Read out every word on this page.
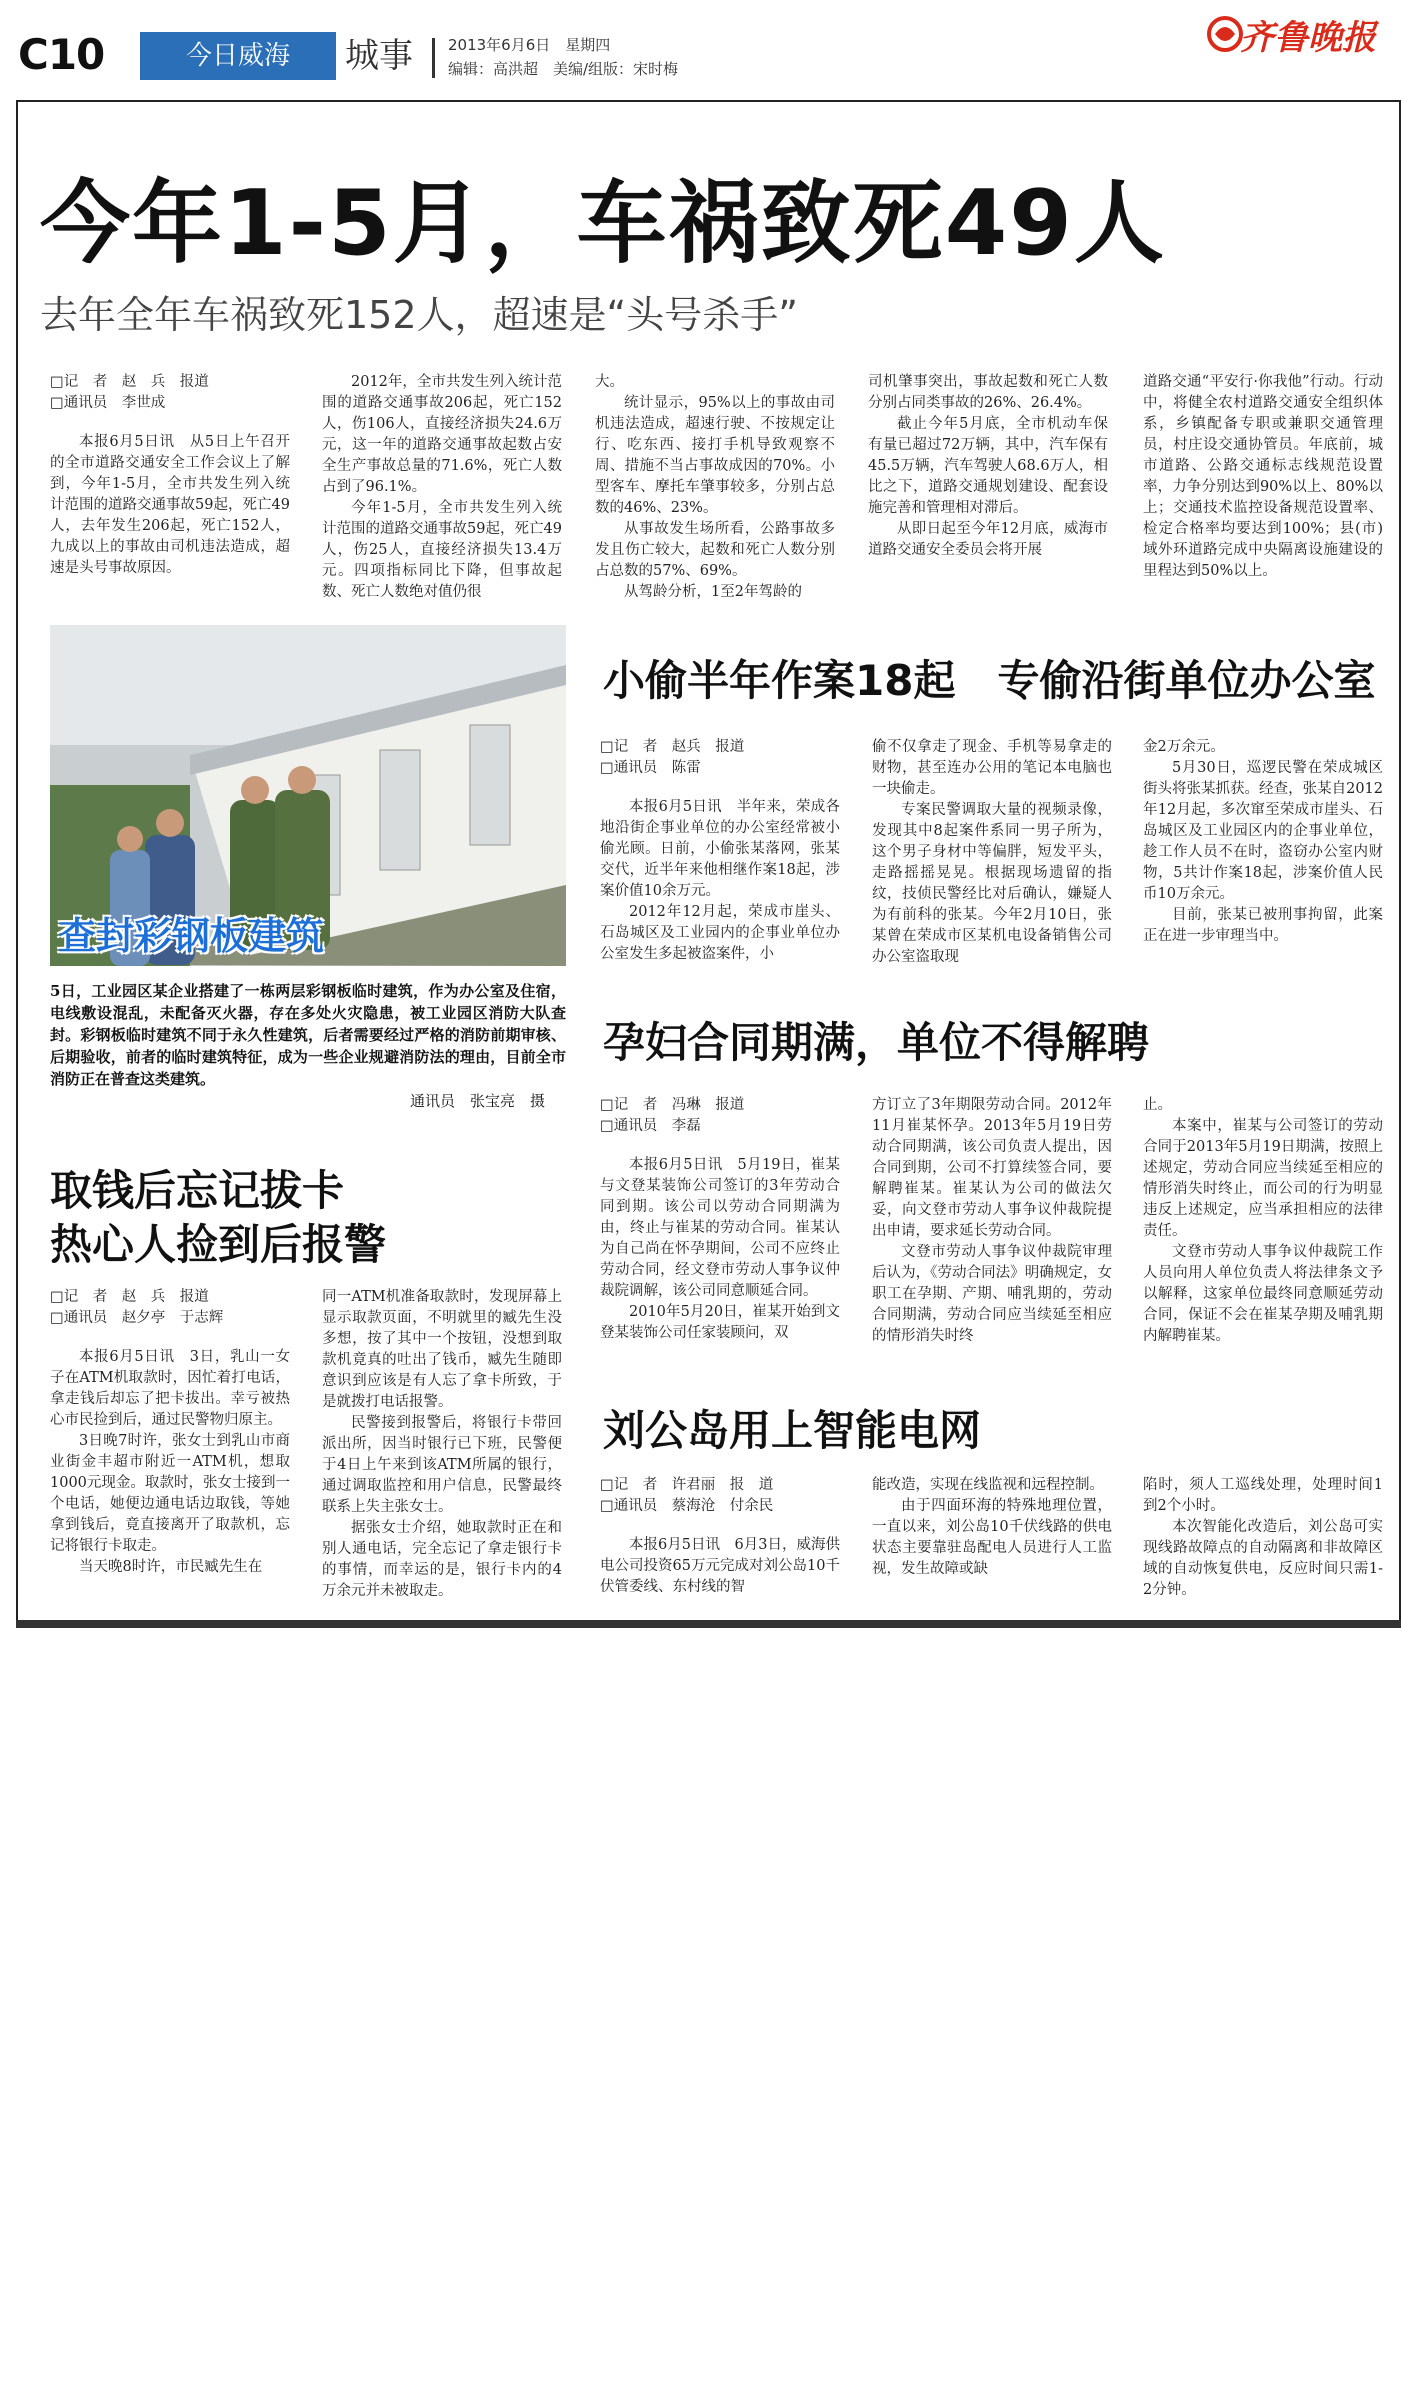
C10	今日威海	城事 2013年6月6日　星期四
编辑：高洪超　美编/组版：宋时梅
齐鲁晚报
今年1-5月，车祸致死49人
去年全年车祸致死152人，超速是“头号杀手”
□记　者　赵　兵　报道
□通讯员　李世成

本报6月5日讯　从5日上午召开的全市道路交通安全工作会议上了解到，今年1-5月，全市共发生列入统计范围的道路交通事故59起，死亡49人，去年发生206起，死亡152人，九成以上的事故由司机违法造成，超速是头号事故原因。

2012年，全市共发生列入统计范围的道路交通事故206起，死亡152人，伤106人，直接经济损失24.6万元，这一年的道路交通事故起数占安全生产事故总量的71.6%，死亡人数占到了96.1%。

今年1-5月，全市共发生列入统计范围的道路交通事故59起，死亡49人，伤25人，直接经济损失13.4万元。四项指标同比下降，但事故起数、死亡人数绝对值仍很

大。

统计显示，95%以上的事故由司机违法造成，超速行驶、不按规定让行、吃东西、接打手机导致观察不周、措施不当占事故成因的70%。小型客车、摩托车肇事较多，分别占总数的46%、23%。

从事故发生场所看，公路事故多发且伤亡较大，起数和死亡人数分别占总数的57%、69%。

从驾龄分析，1至2年驾龄的

司机肇事突出，事故起数和死亡人数分别占同类事故的26%、26.4%。

截止今年5月底，全市机动车保有量已超过72万辆，其中，汽车保有45.5万辆，汽车驾驶人68.6万人，相比之下，道路交通规划建设、配套设施完善和管理相对滞后。

从即日起至今年12月底，威海市道路交通安全委员会将开展

道路交通“平安行·你我他”行动。行动中，将健全农村道路交通安全组织体系，乡镇配备专职或兼职交通管理员，村庄设交通协管员。年底前，城市道路、公路交通标志线规范设置率，力争分别达到90%以上、80%以上；交通技术监控设备规范设置率、检定合格率均要达到100%；县(市)域外环道路完成中央隔离设施建设的里程达到50%以上。

查封彩钢板建筑
5日，工业园区某企业搭建了一栋两层彩钢板临时建筑，作为办公室及住宿，电线敷设混乱，未配备灭火器，存在多处火灾隐患，被工业园区消防大队查封。彩钢板临时建筑不同于永久性建筑，后者需要经过严格的消防前期审核、后期验收，前者的临时建筑特征，成为一些企业规避消防法的理由，目前全市消防正在普查这类建筑。
通讯员　张宝亮　摄
小偷半年作案18起　专偷沿街单位办公室
□记　者　赵兵　报道
□通讯员　陈雷

本报6月5日讯　半年来，荣成各地沿街企事业单位的办公室经常被小偷光顾。日前，小偷张某落网，张某交代，近半年来他相继作案18起，涉案价值10余万元。

2012年12月起，荣成市崖头、石岛城区及工业园内的企事业单位办公室发生多起被盗案件，小

偷不仅拿走了现金、手机等易拿走的财物，甚至连办公用的笔记本电脑也一块偷走。

专案民警调取大量的视频录像，发现其中8起案件系同一男子所为，这个男子身材中等偏胖，短发平头，走路摇摇晃晃。根据现场遗留的指纹，技侦民警经比对后确认，嫌疑人为有前科的张某。今年2月10日，张某曾在荣成市区某机电设备销售公司办公室盗取现

金2万余元。

5月30日，巡逻民警在荣成城区街头将张某抓获。经查，张某自2012年12月起，多次窜至荣成市崖头、石岛城区及工业园区内的企事业单位，趁工作人员不在时，盗窃办公室内财物，5共计作案18起，涉案价值人民币10万余元。

目前，张某已被刑事拘留，此案正在进一步审理当中。

孕妇合同期满，单位不得解聘
□记　者　冯琳　报道
□通讯员　李磊

本报6月5日讯　5月19日，崔某与文登某装饰公司签订的3年劳动合同到期。该公司以劳动合同期满为由，终止与崔某的劳动合同。崔某认为自己尚在怀孕期间，公司不应终止劳动合同，经文登市劳动人事争议仲裁院调解，该公司同意顺延合同。

2010年5月20日，崔某开始到文登某装饰公司任家装顾问，双

方订立了3年期限劳动合同。2012年11月崔某怀孕。2013年5月19日劳动合同期满，该公司负责人提出，因合同到期，公司不打算续签合同，要解聘崔某。崔某认为公司的做法欠妥，向文登市劳动人事争议仲裁院提出申请，要求延长劳动合同。

文登市劳动人事争议仲裁院审理后认为，《劳动合同法》明确规定，女职工在孕期、产期、哺乳期的，劳动合同期满，劳动合同应当续延至相应的情形消失时终

止。

本案中，崔某与公司签订的劳动合同于2013年5月19日期满，按照上述规定，劳动合同应当续延至相应的情形消失时终止，而公司的行为明显违反上述规定，应当承担相应的法律责任。

文登市劳动人事争议仲裁院工作人员向用人单位负责人将法律条文予以解释，这家单位最终同意顺延劳动合同，保证不会在崔某孕期及哺乳期内解聘崔某。

取钱后忘记拔卡
热心人捡到后报警
□记　者　赵　兵　报道
□通讯员　赵夕亭　于志辉

本报6月5日讯　3日，乳山一女子在ATM机取款时，因忙着打电话，拿走钱后却忘了把卡拔出。幸亏被热心市民捡到后，通过民警物归原主。

3日晚7时许，张女士到乳山市商业街金丰超市附近一ATM机，想取1000元现金。取款时，张女士接到一个电话，她便边通电话边取钱，等她拿到钱后，竟直接离开了取款机，忘记将银行卡取走。

当天晚8时许，市民臧先生在

同一ATM机准备取款时，发现屏幕上显示取款页面，不明就里的臧先生没多想，按了其中一个按钮，没想到取款机竟真的吐出了钱币，臧先生随即意识到应该是有人忘了拿卡所致，于是就拨打电话报警。

民警接到报警后，将银行卡带回派出所，因当时银行已下班，民警便于4日上午来到该ATM所属的银行，通过调取监控和用户信息，民警最终联系上失主张女士。

据张女士介绍，她取款时正在和别人通电话，完全忘记了拿走银行卡的事情，而幸运的是，银行卡内的4万余元并未被取走。

刘公岛用上智能电网
□记　者　许君丽　报　道
□通讯员　蔡海沧　付余民

本报6月5日讯　6月3日，威海供电公司投资65万元完成对刘公岛10千伏管委线、东村线的智

能改造，实现在线监视和远程控制。

由于四面环海的特殊地理位置，一直以来，刘公岛10千伏线路的供电状态主要靠驻岛配电人员进行人工监视，发生故障或缺

陷时，须人工巡线处理，处理时间1到2个小时。

本次智能化改造后，刘公岛可实现线路故障点的自动隔离和非故障区域的自动恢复供电，反应时间只需1-2分钟。
